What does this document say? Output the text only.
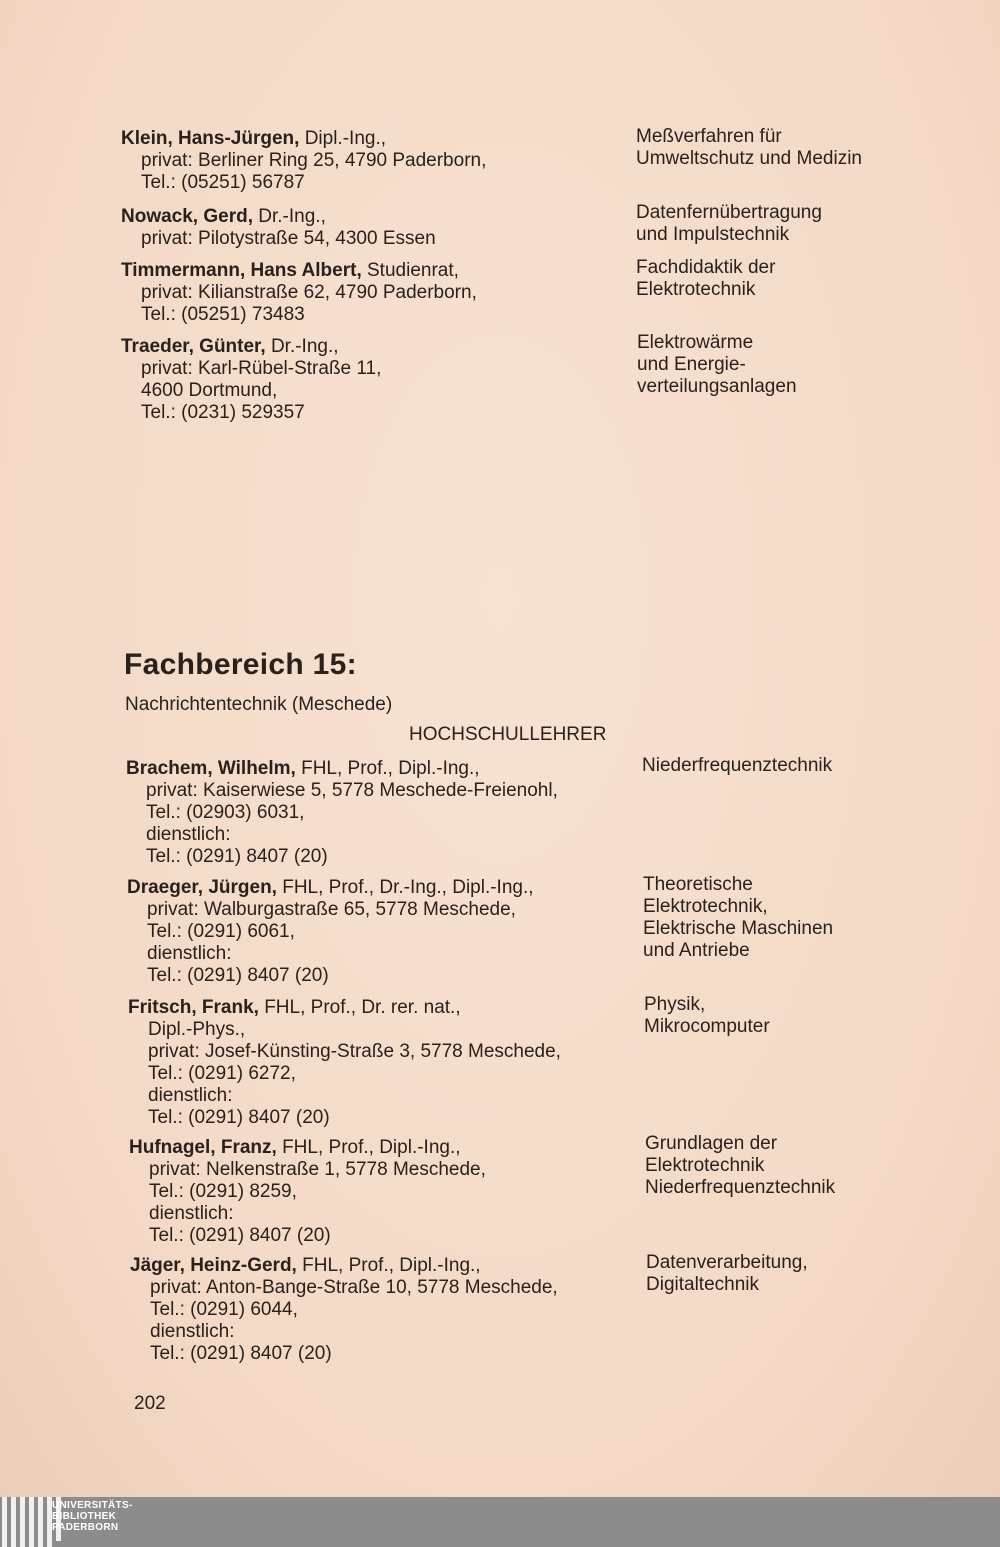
Klein, Hans-Jürgen, Dipl.-Ing.,
privat: Berliner Ring 25, 4790 Paderborn,
Tel.: (05251) 56787
Meßverfahren für
Umweltschutz und Medizin
Nowack, Gerd, Dr.-Ing.,
privat: Pilotystraße 54, 4300 Essen
Datenfernübertragung
und Impulstechnik
Timmermann, Hans Albert, Studienrat,
privat: Kilianstraße 62, 4790 Paderborn,
Tel.: (05251) 73483
Fachdidaktik der
Elektrotechnik
Traeder, Günter, Dr.-Ing.,
privat: Karl-Rübel-Straße 11,
4600 Dortmund,
Tel.: (0231) 529357
Elektrowärme
und Energie-
verteilungsanlagen
Fachbereich 15:
Nachrichtentechnik (Meschede)
HOCHSCHULLEHRER
Brachem, Wilhelm, FHL, Prof., Dipl.-Ing.,
privat: Kaiserwiese 5, 5778 Meschede-Freienohl,
Tel.: (02903) 6031,
dienstlich:
Tel.: (0291) 8407 (20)
Niederfrequenztechnik
Draeger, Jürgen, FHL, Prof., Dr.-Ing., Dipl.-Ing.,
privat: Walburgastraße 65, 5778 Meschede,
Tel.: (0291) 6061,
dienstlich:
Tel.: (0291) 8407 (20)
Theoretische
Elektrotechnik,
Elektrische Maschinen
und Antriebe
Fritsch, Frank, FHL, Prof., Dr. rer. nat.,
Dipl.-Phys.,
privat: Josef-Künsting-Straße 3, 5778 Meschede,
Tel.: (0291) 6272,
dienstlich:
Tel.: (0291) 8407 (20)
Physik,
Mikrocomputer
Hufnagel, Franz, FHL, Prof., Dipl.-Ing.,
privat: Nelkenstraße 1, 5778 Meschede,
Tel.: (0291) 8259,
dienstlich:
Tel.: (0291) 8407 (20)
Grundlagen der
Elektrotechnik
Niederfrequenztechnik
Jäger, Heinz-Gerd, FHL, Prof., Dipl.-Ing.,
privat: Anton-Bange-Straße 10, 5778 Meschede,
Tel.: (0291) 6044,
dienstlich:
Tel.: (0291) 8407 (20)
Datenverarbeitung,
Digitaltechnik
202
UNIVERSITÄTS-
BIBLIOTHEK
PADERBORN
